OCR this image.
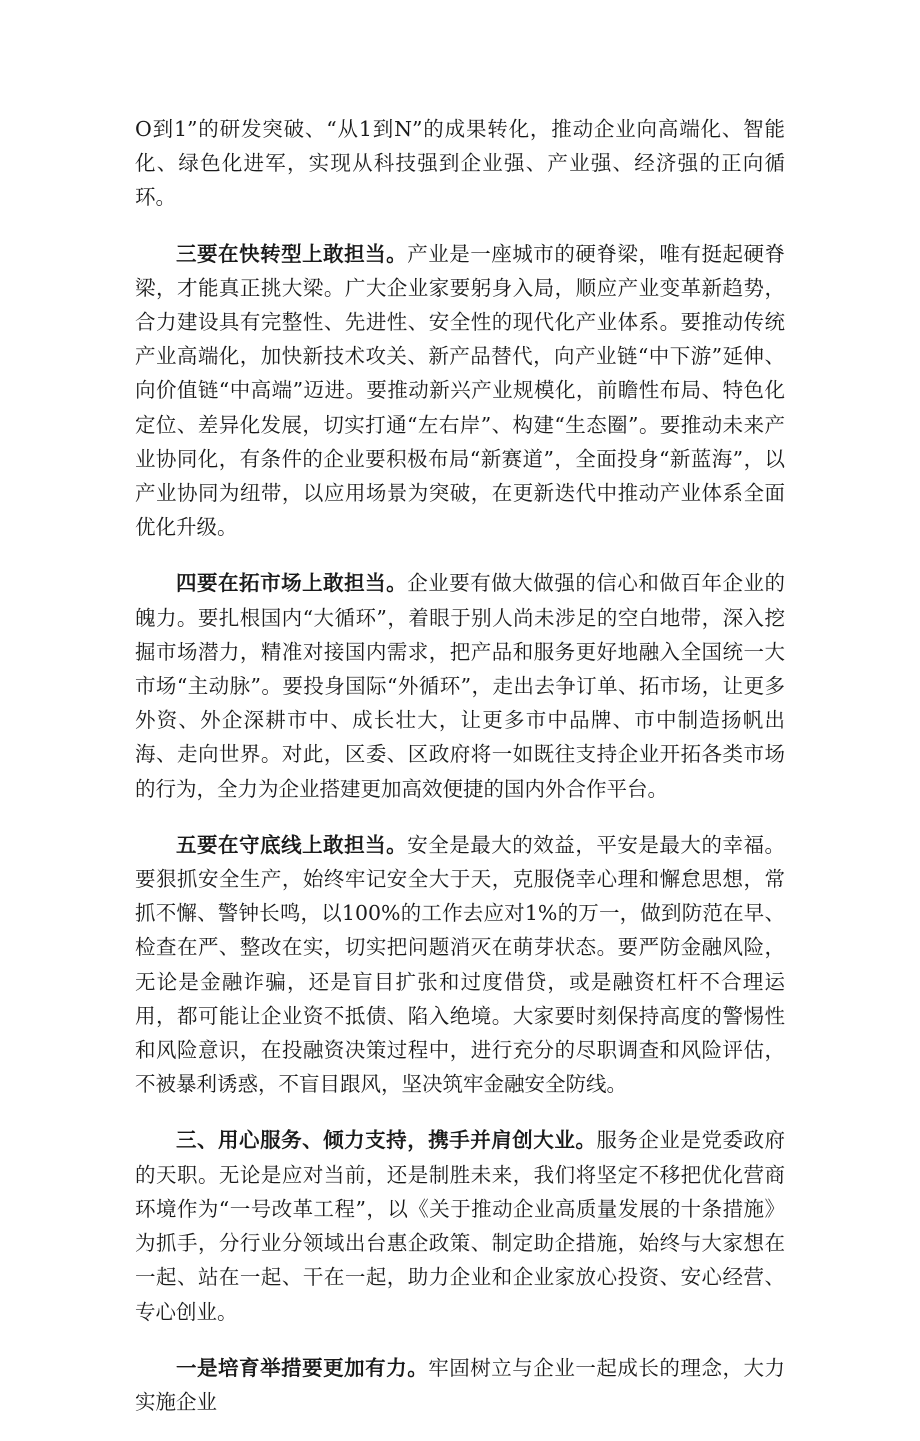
O到1”的研发突破、“从1到N”的成果转化，推动企业向高端化、智能化、绿色化进军，实现从科技强到企业强、产业强、经济强的正向循环。

三要在快转型上敢担当。产业是一座城市的硬脊梁，唯有挺起硬脊梁，才能真正挑大梁。广大企业家要躬身入局，顺应产业变革新趋势，合力建设具有完整性、先进性、安全性的现代化产业体系。要推动传统产业高端化，加快新技术攻关、新产品替代，向产业链“中下游”延伸、向价值链“中高端”迈进。要推动新兴产业规模化，前瞻性布局、特色化定位、差异化发展，切实打通“左右岸”、构建“生态圈”。要推动未来产业协同化，有条件的企业要积极布局“新赛道”，全面投身“新蓝海”，以产业协同为纽带，以应用场景为突破，在更新迭代中推动产业体系全面优化升级。

四要在拓市场上敢担当。企业要有做大做强的信心和做百年企业的魄力。要扎根国内“大循环”，着眼于别人尚未涉足的空白地带，深入挖掘市场潜力，精准对接国内需求，把产品和服务更好地融入全国统一大市场“主动脉”。要投身国际“外循环”，走出去争订单、拓市场，让更多外资、外企深耕市中、成长壮大，让更多市中品牌、市中制造扬帆出海、走向世界。对此，区委、区政府将一如既往支持企业开拓各类市场的行为，全力为企业搭建更加高效便捷的国内外合作平台。

五要在守底线上敢担当。安全是最大的效益，平安是最大的幸福。要狠抓安全生产，始终牢记安全大于天，克服侥幸心理和懈怠思想，常抓不懈、警钟长鸣，以100%的工作去应对1%的万一，做到防范在早、检查在严、整改在实，切实把问题消灭在萌芽状态。要严防金融风险，无论是金融诈骗，还是盲目扩张和过度借贷，或是融资杠杆不合理运用，都可能让企业资不抵债、陷入绝境。大家要时刻保持高度的警惕性和风险意识，在投融资决策过程中，进行充分的尽职调查和风险评估，不被暴利诱惑，不盲目跟风，坚决筑牢金融安全防线。

三、用心服务、倾力支持，携手并肩创大业。服务企业是党委政府的天职。无论是应对当前，还是制胜未来，我们将坚定不移把优化营商环境作为“一号改革工程”，以《关于推动企业高质量发展的十条措施》为抓手，分行业分领域出台惠企政策、制定助企措施，始终与大家想在一起、站在一起、干在一起，助力企业和企业家放心投资、安心经营、专心创业。

一是培育举措要更加有力。牢固树立与企业一起成长的理念，大力实施企业
